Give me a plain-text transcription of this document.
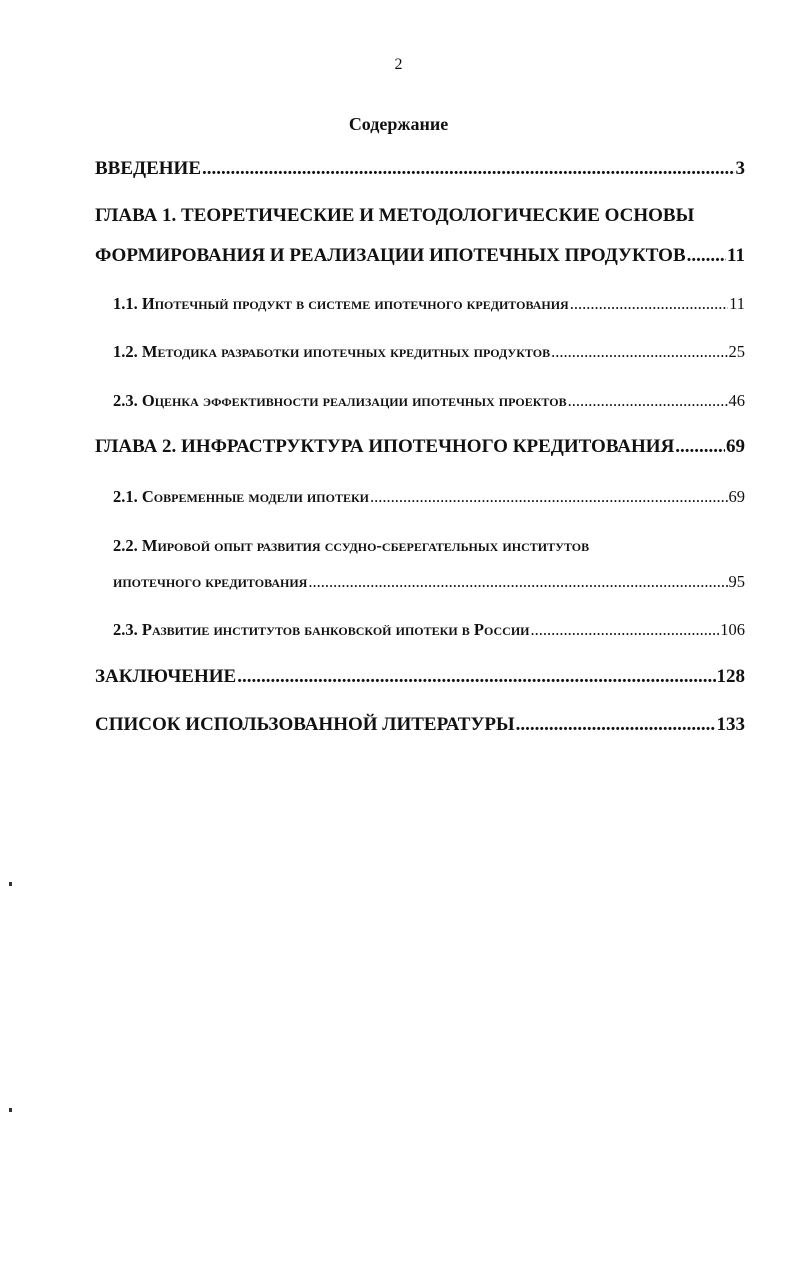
2
Содержание
ВВЕДЕНИЕ .....	3
ГЛАВА 1. ТЕОРЕТИЧЕСКИЕ И МЕТОДОЛОГИЧЕСКИЕ ОСНОВЫ
ФОРМИРОВАНИЯ И РЕАЛИЗАЦИИ ИПОТЕЧНЫХ ПРОДУКТОВ ..... 11
1.1. Ипотечный продукт в системе ипотечного кредитования .....	11
1.2. Методика разработки ипотечных кредитных продуктов .....	25
2.3. Оценка эффективности реализации ипотечных проектов .....	46
ГЛАВА 2. ИНФРАСТРУКТУРА ИПОТЕЧНОГО КРЕДИТОВАНИЯ .....	69
2.1. Современные модели ипотеки .....	69
2.2. Мировой опыт развития ссудно-сберегательных институтов
ипотечного кредитования .....	95
2.3. Развитие институтов банковской ипотеки в России .....	106
ЗАКЛЮЧЕНИЕ .....	128
СПИСОК ИСПОЛЬЗОВАННОЙ ЛИТЕРАТУРЫ .....	133
